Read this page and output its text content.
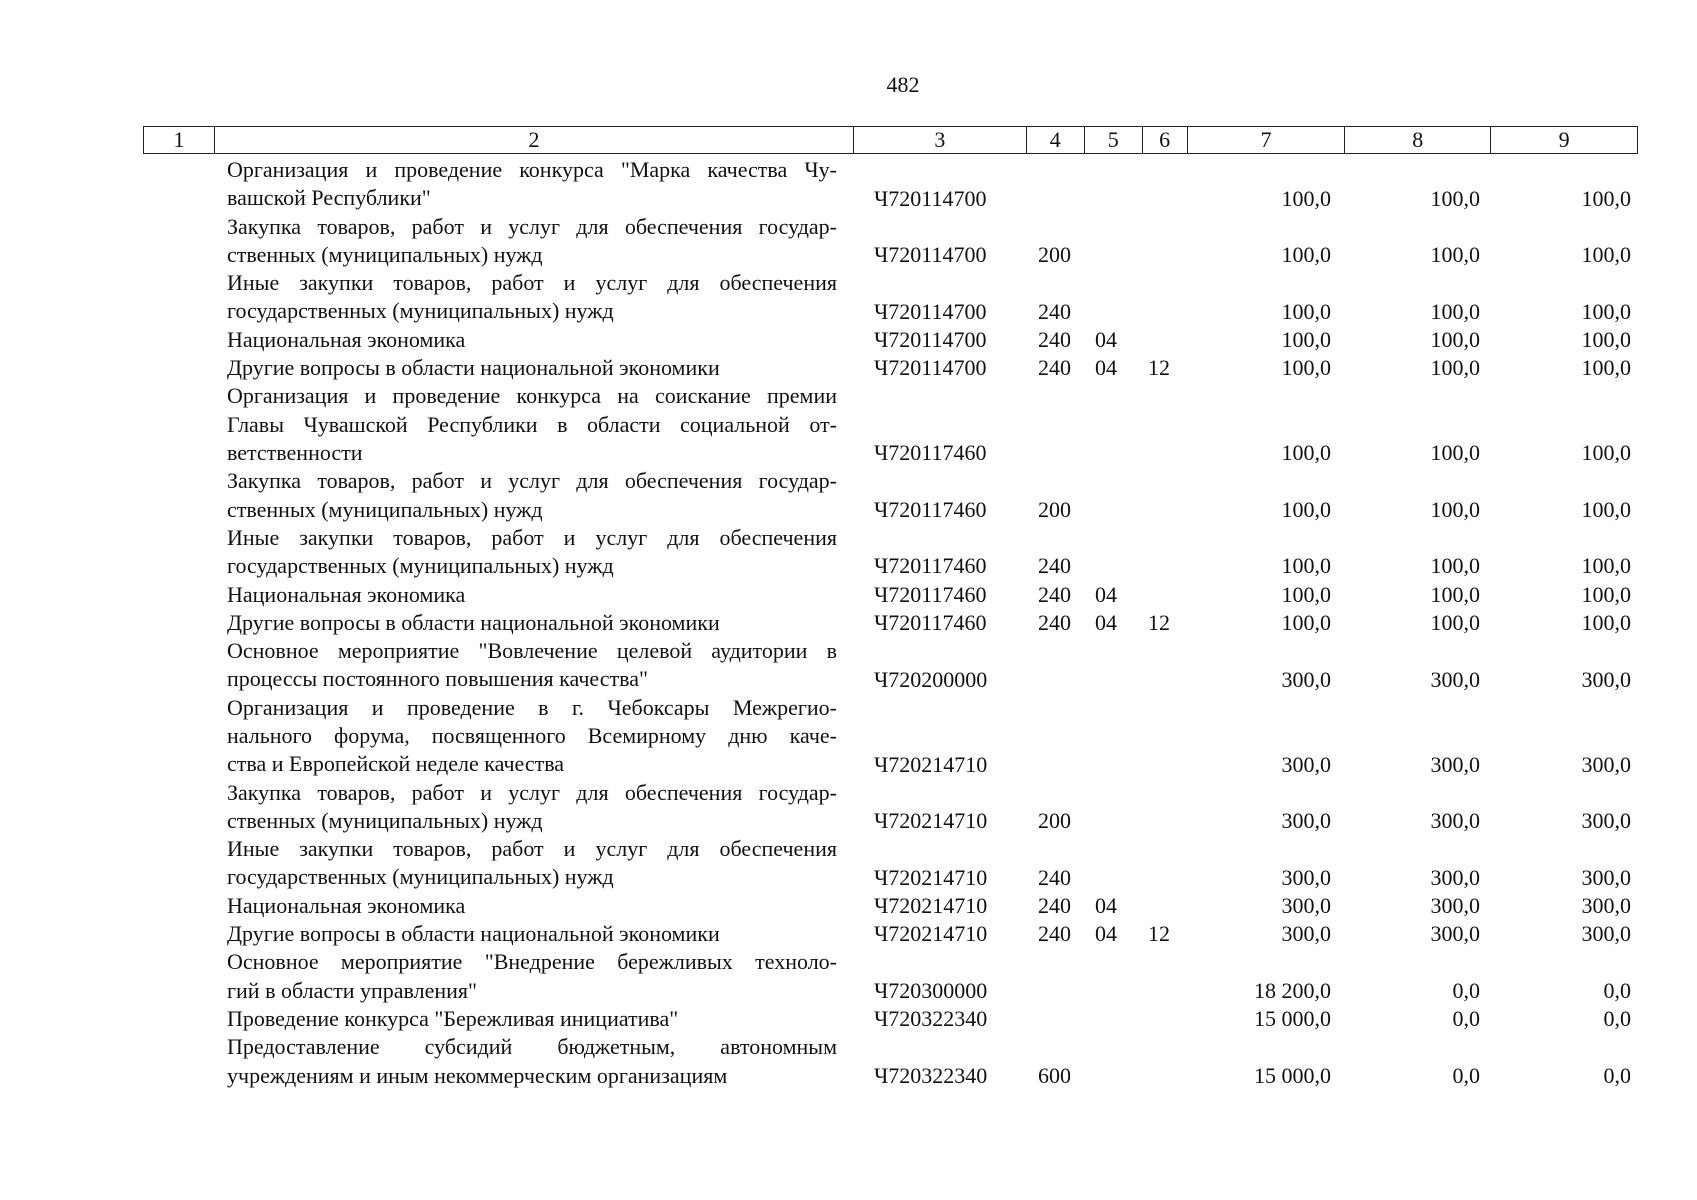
482
1	2	3	4	5	6	7	8	9
Организация и проведение конкурса "Марка качества Чу-
вашской Республики"	Ч720114700	100,0	100,0	100,0
Закупка товаров, работ и услуг для обеспечения государ-
ственных (муниципальных) нужд	Ч720114700 200	100,0	100,0	100,0
Иные закупки товаров, работ и услуг для обеспечения
государственных (муниципальных) нужд	Ч720114700 240	100,0	100,0	100,0
Национальная экономика	Ч720114700 240 04	100,0	100,0	100,0
Другие вопросы в области национальной экономики	Ч720114700 240 04 12	100,0	100,0	100,0
Организация и проведение конкурса на соискание премии
Главы Чувашской Республики в области социальной от-
ветственности	Ч720117460	100,0	100,0	100,0
Закупка товаров, работ и услуг для обеспечения государ-
ственных (муниципальных) нужд	Ч720117460 200	100,0	100,0	100,0
Иные закупки товаров, работ и услуг для обеспечения
государственных (муниципальных) нужд	Ч720117460 240	100,0	100,0	100,0
Национальная экономика	Ч720117460 240 04	100,0	100,0	100,0
Другие вопросы в области национальной экономики	Ч720117460 240 04 12	100,0	100,0	100,0
Основное мероприятие "Вовлечение целевой аудитории в
процессы постоянного повышения качества"	Ч720200000	300,0	300,0	300,0
Организация и проведение в г. Чебоксары Межрегио-
нального форума, посвященного Всемирному дню каче-
ства и Европейской неделе качества	Ч720214710	300,0	300,0	300,0
Закупка товаров, работ и услуг для обеспечения государ-
ственных (муниципальных) нужд	Ч720214710 200	300,0	300,0	300,0
Иные закупки товаров, работ и услуг для обеспечения
государственных (муниципальных) нужд	Ч720214710 240	300,0	300,0	300,0
Национальная экономика	Ч720214710 240 04	300,0	300,0	300,0
Другие вопросы в области национальной экономики	Ч720214710 240 04 12	300,0	300,0	300,0
Основное мероприятие "Внедрение бережливых техноло-
гий в области управления"	Ч720300000	18 200,0	0,0	0,0
Проведение конкурса "Бережливая инициатива"	Ч720322340	15 000,0	0,0	0,0
Предоставление субсидий бюджетным, автономным
учреждениям и иным некоммерческим организациям	Ч720322340 600	15 000,0	0,0	0,0
